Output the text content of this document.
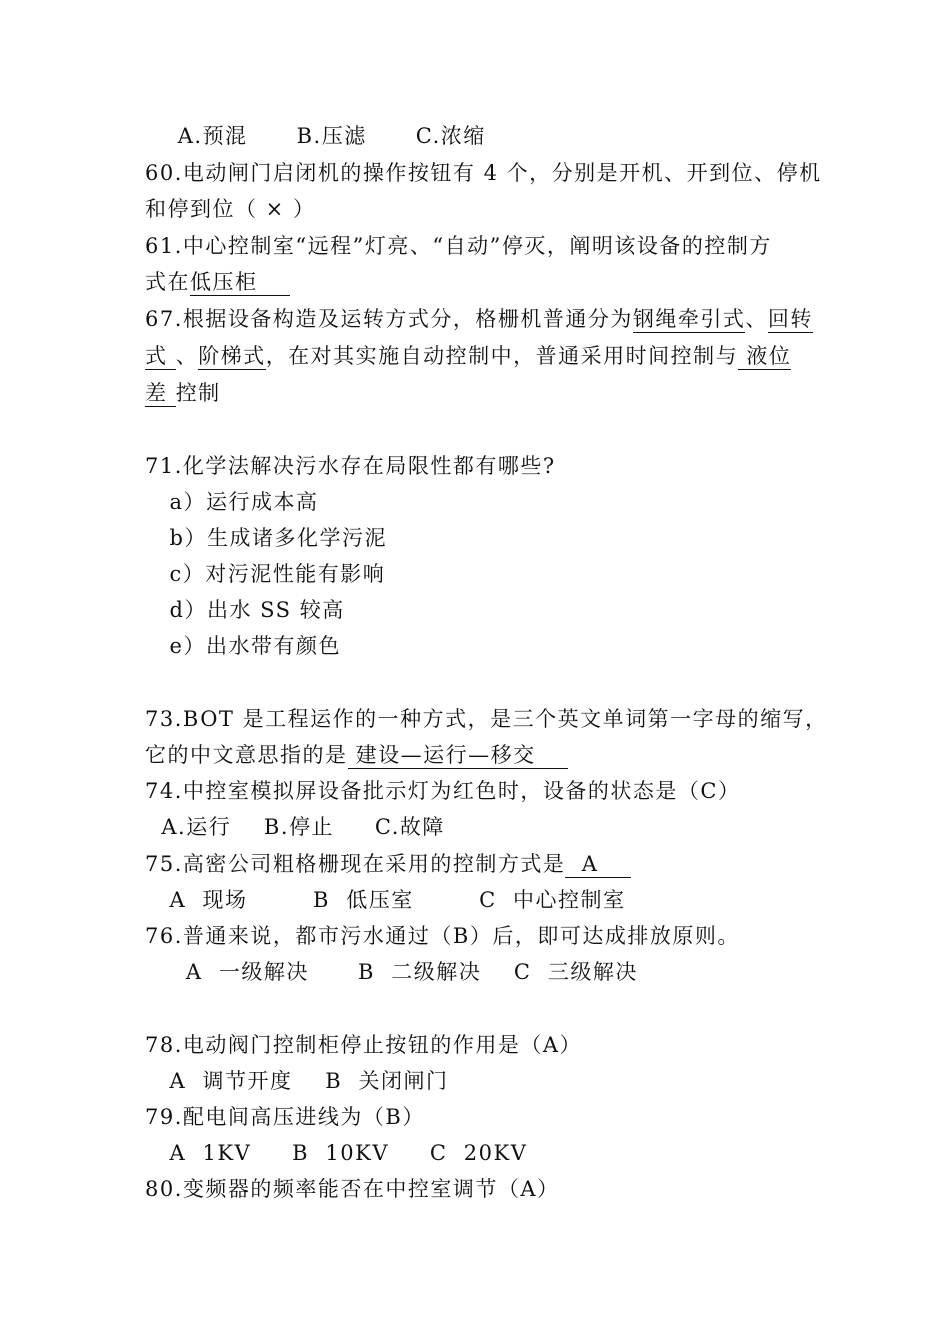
A.预混      B.压滤      C.浓缩
60.电动闸门启闭机的操作按钮有 4 个，分别是开机、开到位、停机
和停到位（ × ）
61.中心控制室“远程”灯亮、“自动”停灭，阐明该设备的控制方
式在低压柜
67.根据设备构造及运转方式分，格栅机普通分为钢绳牵引式、回转
式 、阶梯式，在对其实施自动控制中，普通采用时间控制与 液位
差 控制
71.化学法解决污水存在局限性都有哪些?
a）运行成本高
b）生成诸多化学污泥
c）对污泥性能有影响
d）出水 SS 较高
e）出水带有颜色
73.BOT 是工程运作的一种方式，是三个英文单词第一字母的缩写，
它的中文意思指的是 建设—运行—移交
74.中控室模拟屏设备批示灯为红色时，设备的状态是（C）
A.运行    B.停止     C.故障
75.高密公司粗格栅现在采用的控制方式是  A
A  现场        B  低压室        C  中心控制室
76.普通来说，都市污水通过（B）后，即可达成排放原则。
A  一级解决      B  二级解决    C  三级解决
78.电动阀门控制柜停止按钮的作用是（A）
A  调节开度    B  关闭闸门
79.配电间高压进线为（B）
A  1KV     B  10KV     C  20KV
80.变频器的频率能否在中控室调节（A）
